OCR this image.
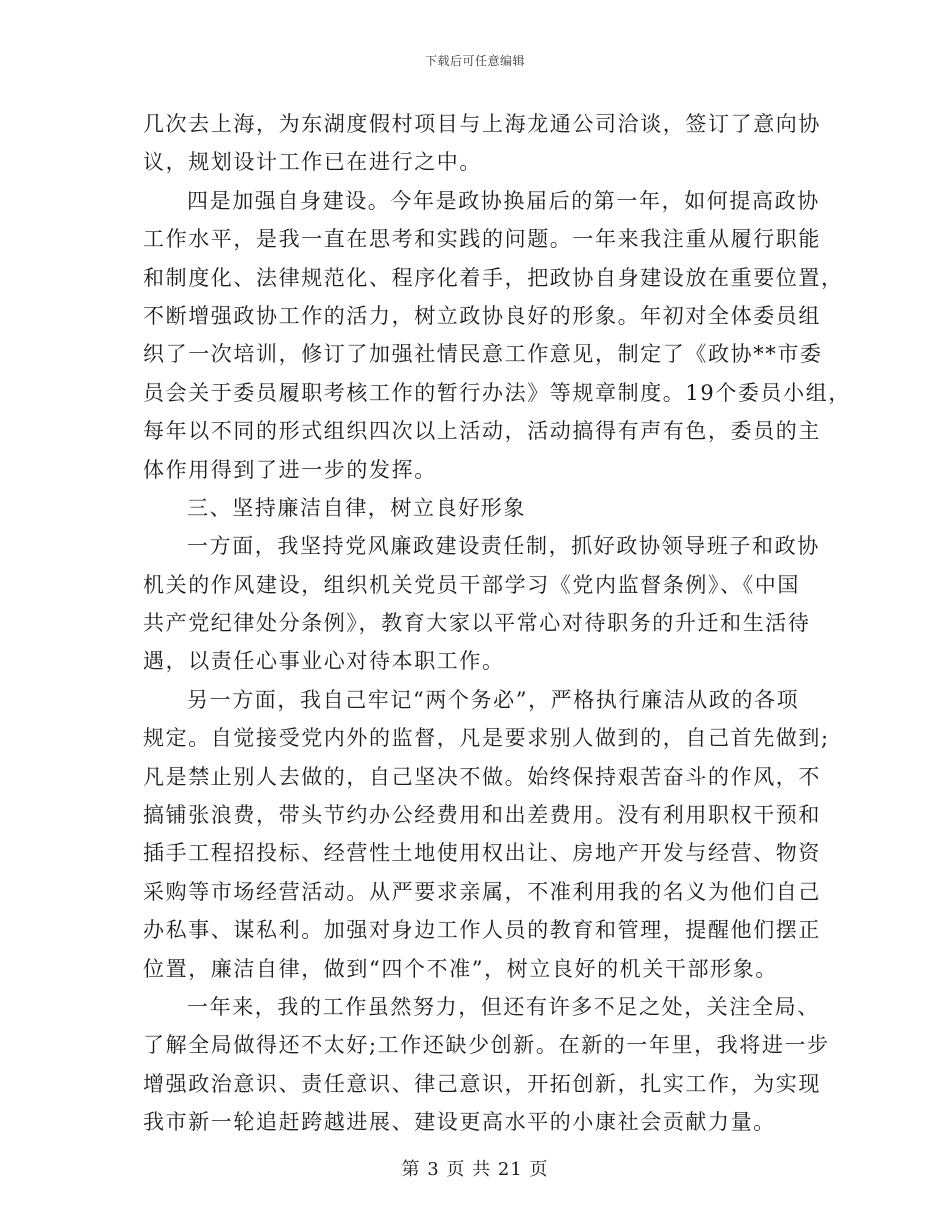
下载后可任意编辑
几次去上海，为东湖度假村项目与上海龙通公司洽谈，签订了意向协
议，规划设计工作已在进行之中。
四是加强自身建设。今年是政协换届后的第一年，如何提高政协
工作水平，是我一直在思考和实践的问题。一年来我注重从履行职能
和制度化、法律规范化、程序化着手，把政协自身建设放在重要位置，
不断增强政协工作的活力，树立政协良好的形象。年初对全体委员组
织了一次培训，修订了加强社情民意工作意见，制定了《政协**市委
员会关于委员履职考核工作的暂行办法》等规章制度。19个委员小组，
每年以不同的形式组织四次以上活动，活动搞得有声有色，委员的主
体作用得到了进一步的发挥。
三、坚持廉洁自律，树立良好形象
一方面，我坚持党风廉政建设责任制，抓好政协领导班子和政协
机关的作风建设，组织机关党员干部学习《党内监督条例》、《中国
共产党纪律处分条例》，教育大家以平常心对待职务的升迁和生活待
遇，以责任心事业心对待本职工作。
另一方面，我自己牢记“两个务必”，严格执行廉洁从政的各项
规定。自觉接受党内外的监督，凡是要求别人做到的，自己首先做到;
凡是禁止别人去做的，自己坚决不做。始终保持艰苦奋斗的作风，不
搞铺张浪费，带头节约办公经费用和出差费用。没有利用职权干预和
插手工程招投标、经营性土地使用权出让、房地产开发与经营、物资
采购等市场经营活动。从严要求亲属，不准利用我的名义为他们自己
办私事、谋私利。加强对身边工作人员的教育和管理，提醒他们摆正
位置，廉洁自律，做到“四个不准”，树立良好的机关干部形象。
一年来，我的工作虽然努力，但还有许多不足之处，关注全局、
了解全局做得还不太好;工作还缺少创新。在新的一年里，我将进一步
增强政治意识、责任意识、律己意识，开拓创新，扎实工作，为实现
我市新一轮追赶跨越进展、建设更高水平的小康社会贡献力量。
第 3 页 共 21 页
